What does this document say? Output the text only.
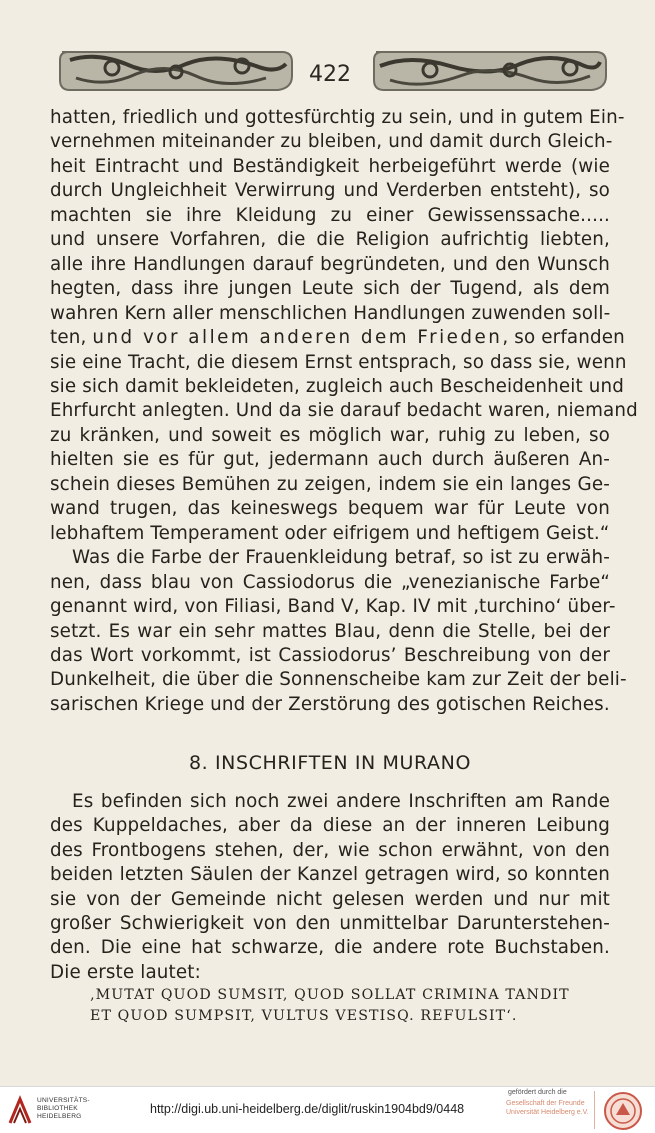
422
hatten, friedlich und gottesfürchtig zu sein, und in gutem Ein-
vernehmen miteinander zu bleiben, und damit durch Gleich-
heit Eintracht und Beständigkeit herbeigeführt werde (wie
durch Ungleichheit Verwirrung und Verderben entsteht), so
machten sie ihre Kleidung zu einer Gewissenssache.....
und unsere Vorfahren, die die Religion aufrichtig liebten,
alle ihre Handlungen darauf begründeten, und den Wunsch
hegten, dass ihre jungen Leute sich der Tugend, als dem
wahren Kern aller menschlichen Handlungen zuwenden soll-
ten, und vor allem anderen dem Frieden, so erfanden
sie eine Tracht, die diesem Ernst entsprach, so dass sie, wenn
sie sich damit bekleideten, zugleich auch Bescheidenheit und
Ehrfurcht anlegten. Und da sie darauf bedacht waren, niemand
zu kränken, und soweit es möglich war, ruhig zu leben, so
hielten sie es für gut, jedermann auch durch äußeren An-
schein dieses Bemühen zu zeigen, indem sie ein langes Ge-
wand trugen, das keineswegs bequem war für Leute von
lebhaftem Temperament oder eifrigem und heftigem Geist.“
Was die Farbe der Frauenkleidung betraf, so ist zu erwäh-
nen, dass blau von Cassiodorus die „venezianische Farbe“
genannt wird, von Filiasi, Band V, Kap. IV mit ‚turchino‘ über-
setzt. Es war ein sehr mattes Blau, denn die Stelle, bei der
das Wort vorkommt, ist Cassiodorus’ Beschreibung von der
Dunkelheit, die über die Sonnenscheibe kam zur Zeit der beli-
sarischen Kriege und der Zerstörung des gotischen Reiches.
8. INSCHRIFTEN IN MURANO
Es befinden sich noch zwei andere Inschriften am Rande
des Kuppeldaches, aber da diese an der inneren Leibung
des Frontbogens stehen, der, wie schon erwähnt, von den
beiden letzten Säulen der Kanzel getragen wird, so konnten
sie von der Gemeinde nicht gelesen werden und nur mit
großer Schwierigkeit von den unmittelbar Darunterstehen-
den. Die eine hat schwarze, die andere rote Buchstaben.
Die erste lautet:
‚MUTAT QUOD SUMSIT, QUOD SOLLAT CRIMINA TANDIT
ET QUOD SUMPSIT, VULTUS VESTISQ. REFULSIT‘.
UNIVERSITÄTS-
BIBLIOTHEK
HEIDELBERG
http://digi.ub.uni-heidelberg.de/diglit/ruskin1904bd9/0448
gefördert durch die
Gesellschaft der Freunde
Universität Heidelberg e.V.
